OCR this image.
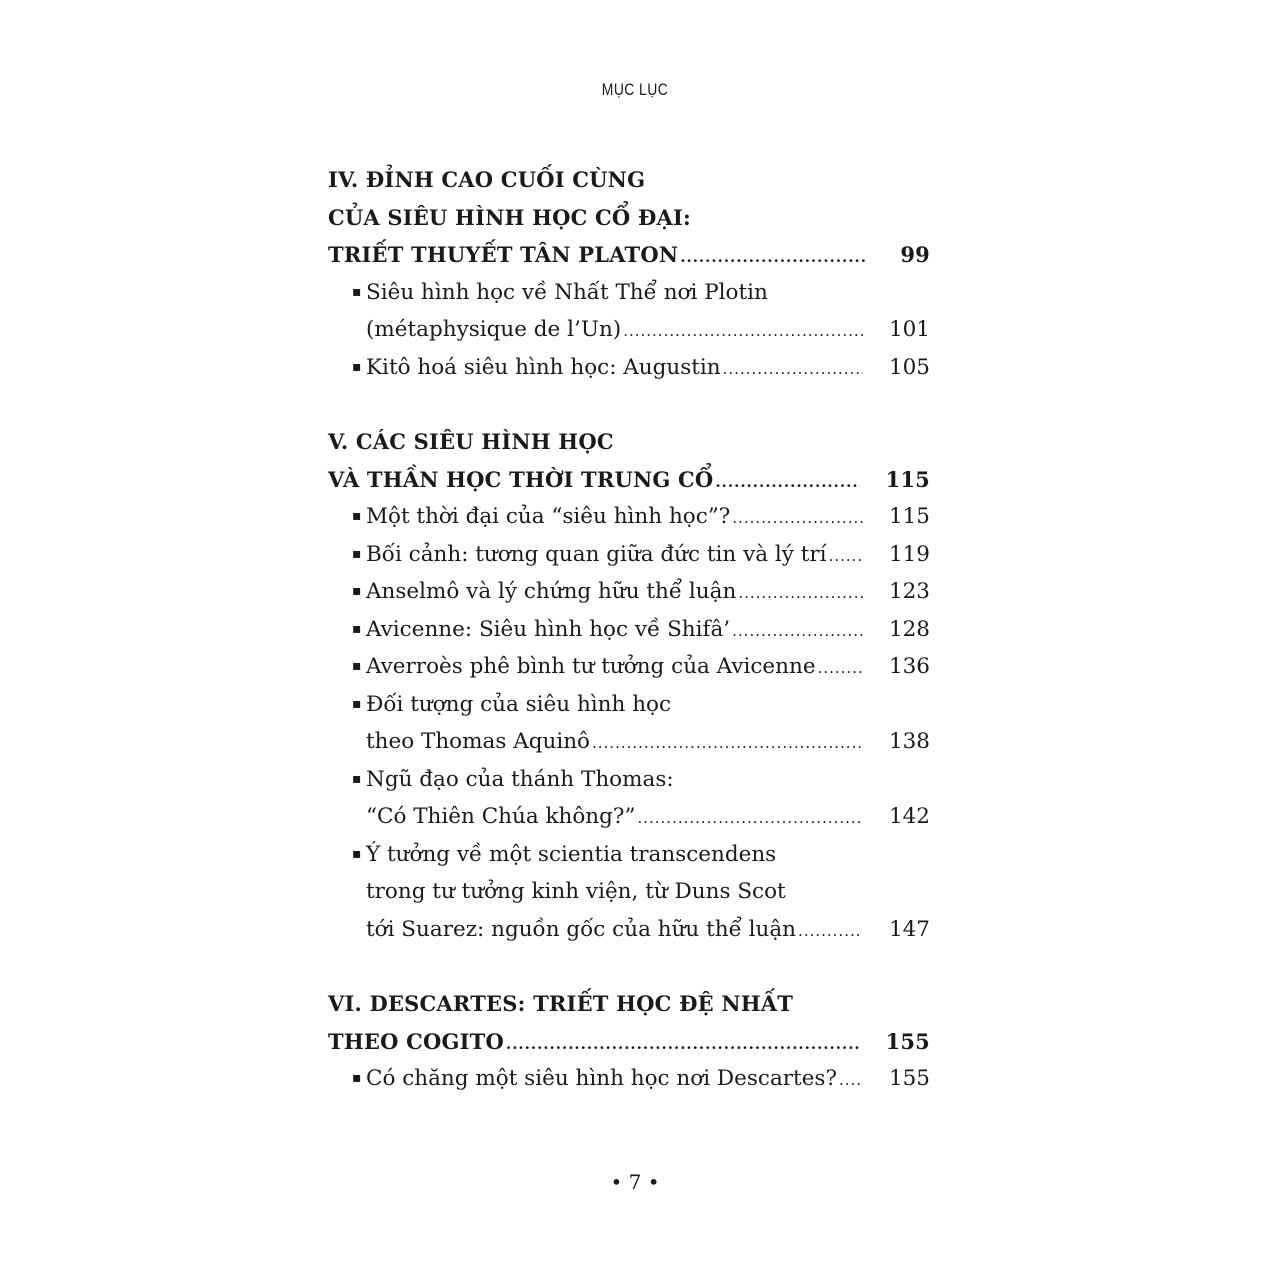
MỤC LỤC
IV. ĐỈNH CAO CUỐI CÙNG
CỦA SIÊU HÌNH HỌC CỔ ĐẠI:
TRIẾT THUYẾT TÂN PLATON .....	99
▪ Siêu hình học về Nhất Thể nơi Plotin
(métaphysique de l’Un) .....	101
▪ Kitô hoá siêu hình học: Augustin .....	105
V. CÁC SIÊU HÌNH HỌC
VÀ THẦN HỌC THỜI TRUNG CỔ .....	115
▪ Một thời đại của “siêu hình học”? .....	115
▪ Bối cảnh: tương quan giữa đức tin và lý trí .....	119
▪ Anselmô và lý chứng hữu thể luận .....	123
▪ Avicenne: Siêu hình học về Shifâ’ .....	128
▪ Averroès phê bình tư tưởng của Avicenne .....	136
▪ Đối tượng của siêu hình học
theo Thomas Aquinô .....	138
▪ Ngũ đạo của thánh Thomas:
“Có Thiên Chúa không?” .....	142
▪ Ý tưởng về một scientia transcendens
trong tư tưởng kinh viện, từ Duns Scot
tới Suarez: nguồn gốc của hữu thể luận .....	147
VI. DESCARTES: TRIẾT HỌC ĐỆ NHẤT
THEO COGITO .....	155
▪ Có chăng một siêu hình học nơi Descartes? ..... 155
• 7 •
